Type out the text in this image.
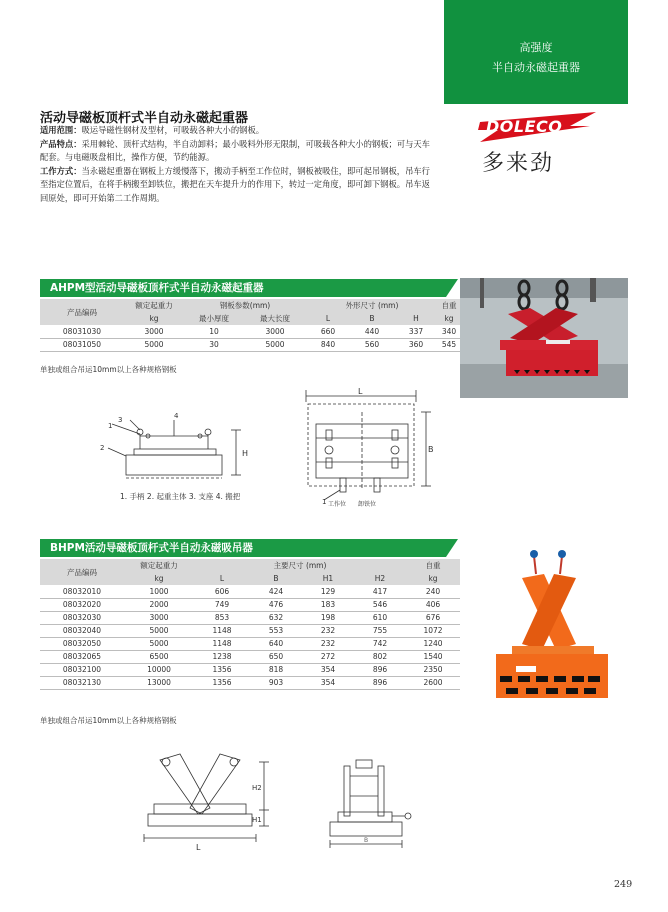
高强度
半自动永磁起重器
DOLECO
多来劲
活动导磁板顶杆式半自动永磁起重器
适用范围：吸运导磁性钢材及型材，可吸载各种大小的钢板。
产品特点：采用棘轮、顶杆式结构，半自动卸料；最小吸料外形无限制，可吸载各种大小的钢板；可与天车配套。与电磁吸盘相比，操作方便，节约能源。
工作方式：当永磁起重器在钢板上方缓慢落下，搬动手柄至工作位时，钢板被吸住，即可起吊钢板，吊车行至指定位置后，在将手柄搬至卸铁位，搬把在天车提升力的作用下，转过一定角度，即可卸下钢板。吊车返回原处，即可开始第二工作周期。
AHPM型活动导磁板顶杆式半自动永磁起重器
产品编码	额定起重力	钢板参数(mm)		外形尺寸 (mm)			自重
	kg	最小厚度	最大长度	L	B	H	kg
08031030	3000	10	3000	660	440	337	340
08031050	5000	30	5000	840	560	360	545
单独或组合吊运10mm以上各种规格钢板
3	4
1
2
H
1. 手柄 2. 起重主体 3. 支座 4. 搬把
L
B
1 工作位 卸铁位
BHPM活动导磁板顶杆式半自动永磁吸吊器
产品编码	额定起重力	主要尺寸 (mm)				自重
	kg	L	B	H1	H2	kg
08032010	1000	606	424	129	417	240
08032020	2000	749	476	183	546	406
08032030	3000	853	632	198	610	676
08032040	5000	1148	553	232	755	1072
08032050	5000	1148	640	232	742	1240
08032065	6500	1238	650	272	802	1540
08032100	10000	1356	818	354	896	2350
08032130	13000	1356	903	354	896	2600
单独或组合吊运10mm以上各种规格钢板
L
H2
H1
B
249
